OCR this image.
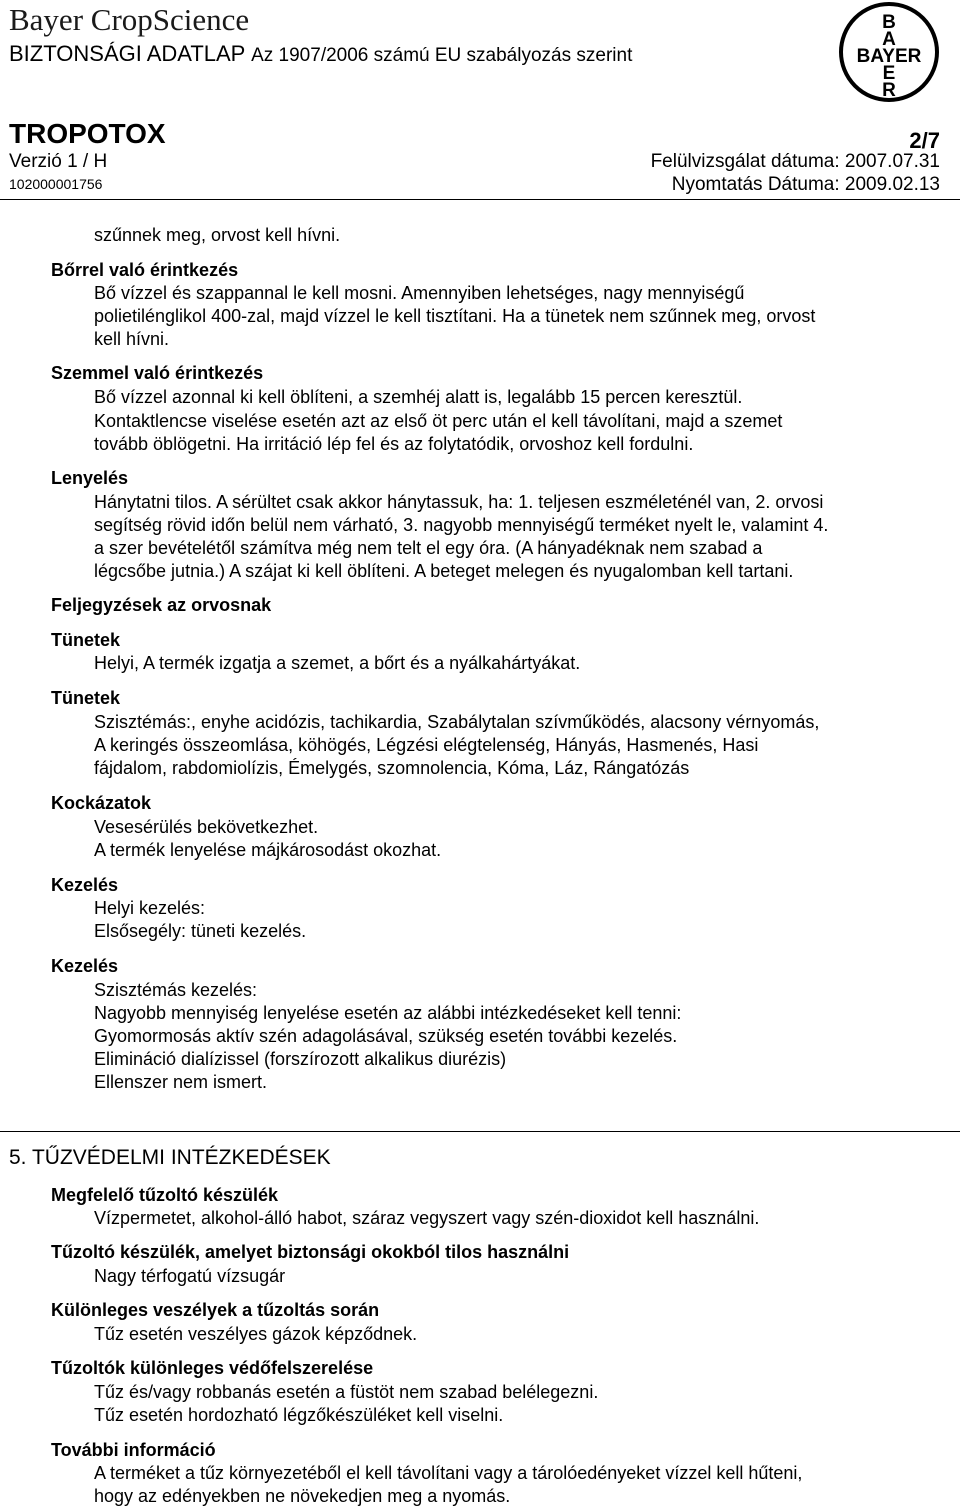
Bayer CropScience
BIZTONSÁGI ADATLAP Az 1907/2006 számú EU szabályozás szerint
B
A
BAYER
E
R
TROPOTOX	2/7
Verzió 1 / H	Felülvizsgálat dátuma: 2007.07.31
102000001756	Nyomtatás Dátuma: 2009.02.13
szűnnek meg, orvost kell hívni.
Bőrrel való érintkezés
Bő vízzel és szappannal le kell mosni. Amennyiben lehetséges, nagy mennyiségű
polietilénglikol 400-zal, majd vízzel le kell tisztítani. Ha a tünetek nem szűnnek meg, orvost
kell hívni.
Szemmel való érintkezés
Bő vízzel azonnal ki kell öblíteni, a szemhéj alatt is, legalább 15 percen keresztül.
Kontaktlencse viselése esetén azt az első öt perc után el kell távolítani, majd a szemet
tovább öblögetni. Ha irritáció lép fel és az folytatódik, orvoshoz kell fordulni.
Lenyelés
Hánytatni tilos. A sérültet csak akkor hánytassuk, ha: 1. teljesen eszméleténél van, 2. orvosi
segítség rövid időn belül nem várható, 3. nagyobb mennyiségű terméket nyelt le, valamint 4.
a szer bevételétől számítva még nem telt el egy óra. (A hányadéknak nem szabad a
légcsőbe jutnia.) A szájat ki kell öblíteni. A beteget melegen és nyugalomban kell tartani.
Feljegyzések az orvosnak
Tünetek
Helyi, A termék izgatja a szemet, a bőrt és a nyálkahártyákat.
Tünetek
Szisztémás:, enyhe acidózis, tachikardia, Szabálytalan szívműködés, alacsony vérnyomás,
A keringés összeomlása, köhögés, Légzési elégtelenség, Hányás, Hasmenés, Hasi
fájdalom, rabdomiolízis, Émelygés, szomnolencia, Kóma, Láz, Rángatózás
Kockázatok
Vesesérülés bekövetkezhet.
A termék lenyelése májkárosodást okozhat.
Kezelés
Helyi kezelés:
Elsősegély: tüneti kezelés.
Kezelés
Szisztémás kezelés:
Nagyobb mennyiség lenyelése esetén az alábbi intézkedéseket kell tenni:
Gyomormosás aktív szén adagolásával, szükség esetén további kezelés.
Elimináció dialízissel (forszírozott alkalikus diurézis)
Ellenszer nem ismert.
5. TŰZVÉDELMI INTÉZKEDÉSEK
Megfelelő tűzoltó készülék
Vízpermetet, alkohol-álló habot, száraz vegyszert vagy szén-dioxidot kell használni.
Tűzoltó készülék, amelyet biztonsági okokból tilos használni
Nagy térfogatú vízsugár
Különleges veszélyek a tűzoltás során
Tűz esetén veszélyes gázok képződnek.
Tűzoltók különleges védőfelszerelése
Tűz és/vagy robbanás esetén a füstöt nem szabad belélegezni.
Tűz esetén hordozható légzőkészüléket kell viselni.
További információ
A terméket a tűz környezetéből el kell távolítani vagy a tárolóedényeket vízzel kell hűteni,
hogy az edényekben ne növekedjen meg a nyomás.
